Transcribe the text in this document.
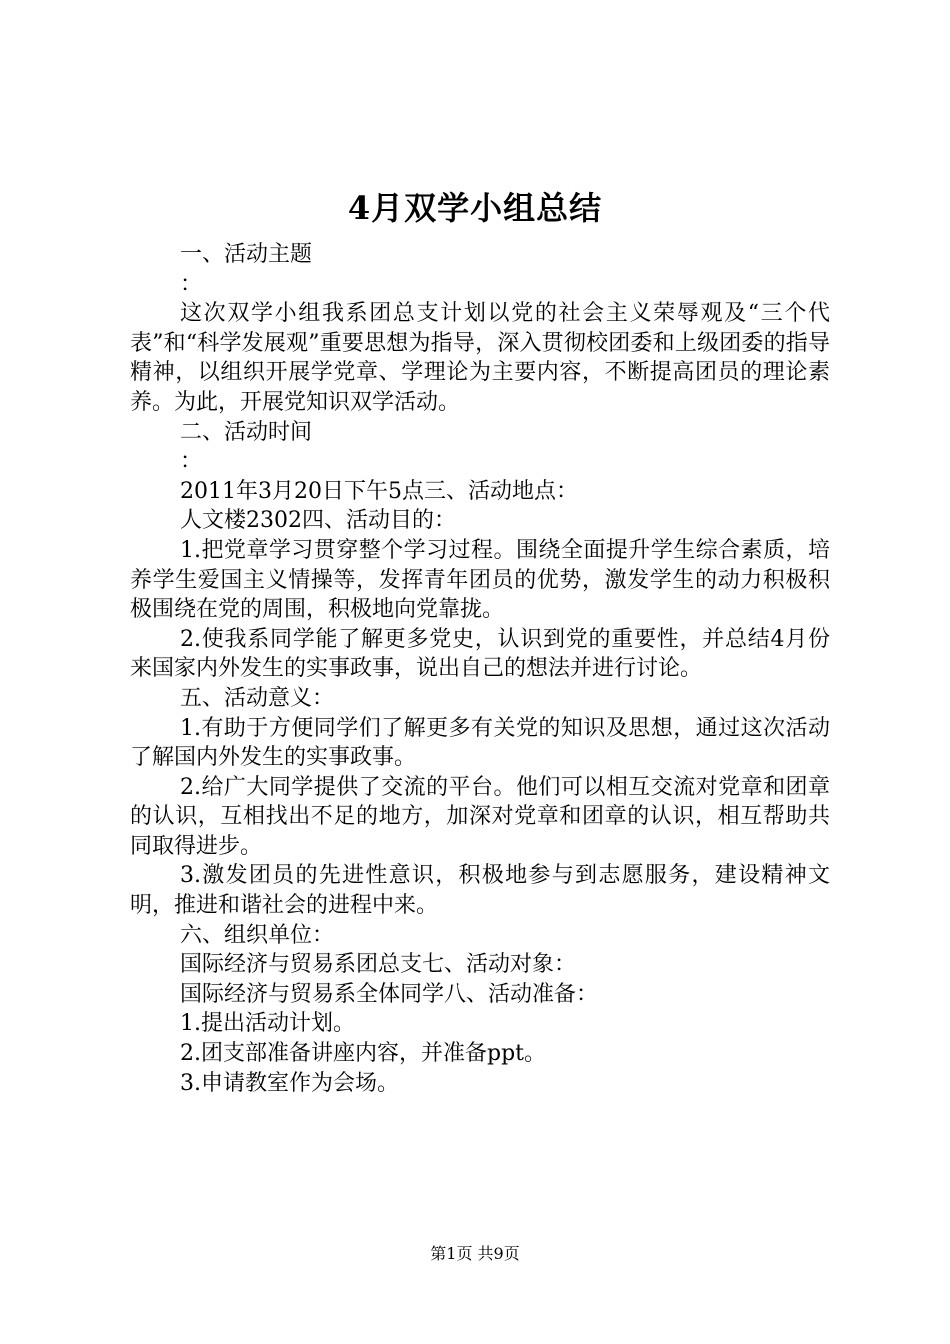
4月双学小组总结

一、活动主题

：

这次双学小组我系团总支计划以党的社会主义荣辱观及“三个代表”和“科学发展观”重要思想为指导，深入贯彻校团委和上级团委的指导精神，以组织开展学党章、学理论为主要内容，不断提高团员的理论素养。为此，开展党知识双学活动。

二、活动时间

：

2011年3月20日下午5点三、活动地点：

人文楼2302四、活动目的：

1.把党章学习贯穿整个学习过程。围绕全面提升学生综合素质，培养学生爱国主义情操等，发挥青年团员的优势，激发学生的动力积极积极围绕在党的周围，积极地向党靠拢。

2.使我系同学能了解更多党史，认识到党的重要性，并总结4月份来国家内外发生的实事政事，说出自己的想法并进行讨论。

五、活动意义：

1.有助于方便同学们了解更多有关党的知识及思想，通过这次活动了解国内外发生的实事政事。

2.给广大同学提供了交流的平台。他们可以相互交流对党章和团章的认识，互相找出不足的地方，加深对党章和团章的认识，相互帮助共同取得进步。

3.激发团员的先进性意识，积极地参与到志愿服务，建设精神文明，推进和谐社会的进程中来。

六、组织单位：

国际经济与贸易系团总支七、活动对象：

国际经济与贸易系全体同学八、活动准备：

1.提出活动计划。

2.团支部准备讲座内容，并准备ppt。

3.申请教室作为会场。

第1页 共9页
